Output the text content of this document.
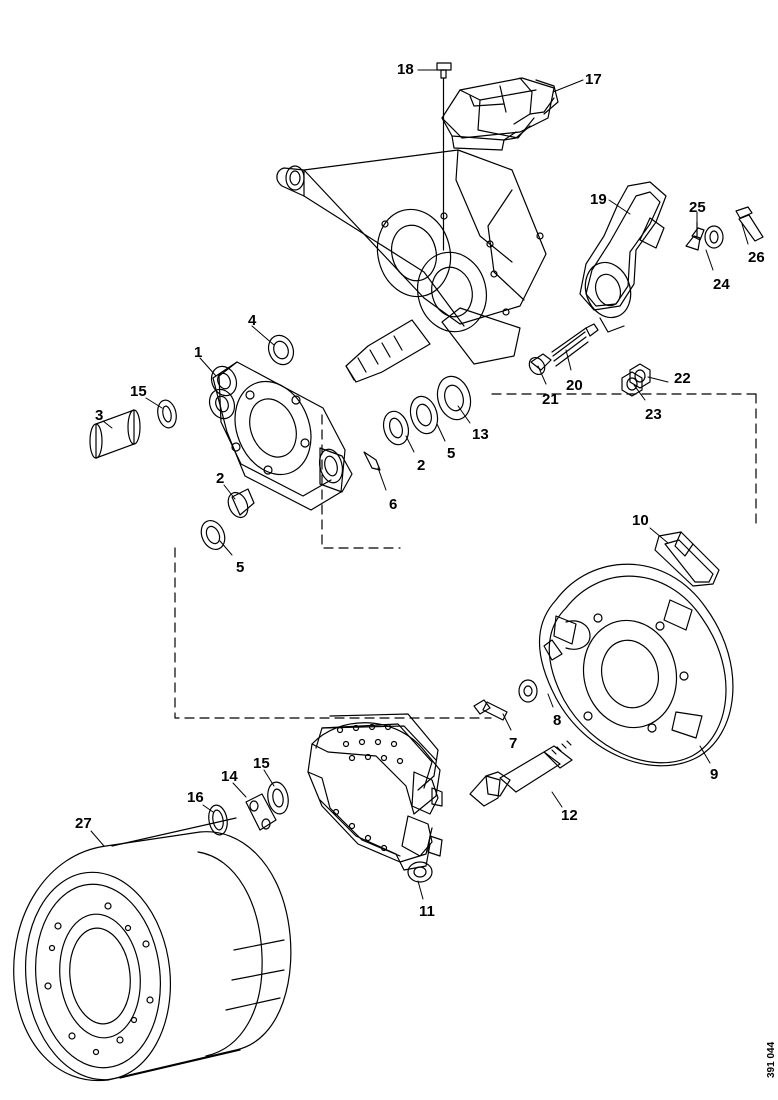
18
17
19	25
26
24
4
1
20
21
22
23
15
3
13
5
2
6
2
5
10
8
7
9
12
15
14
16
11
27
391 044
